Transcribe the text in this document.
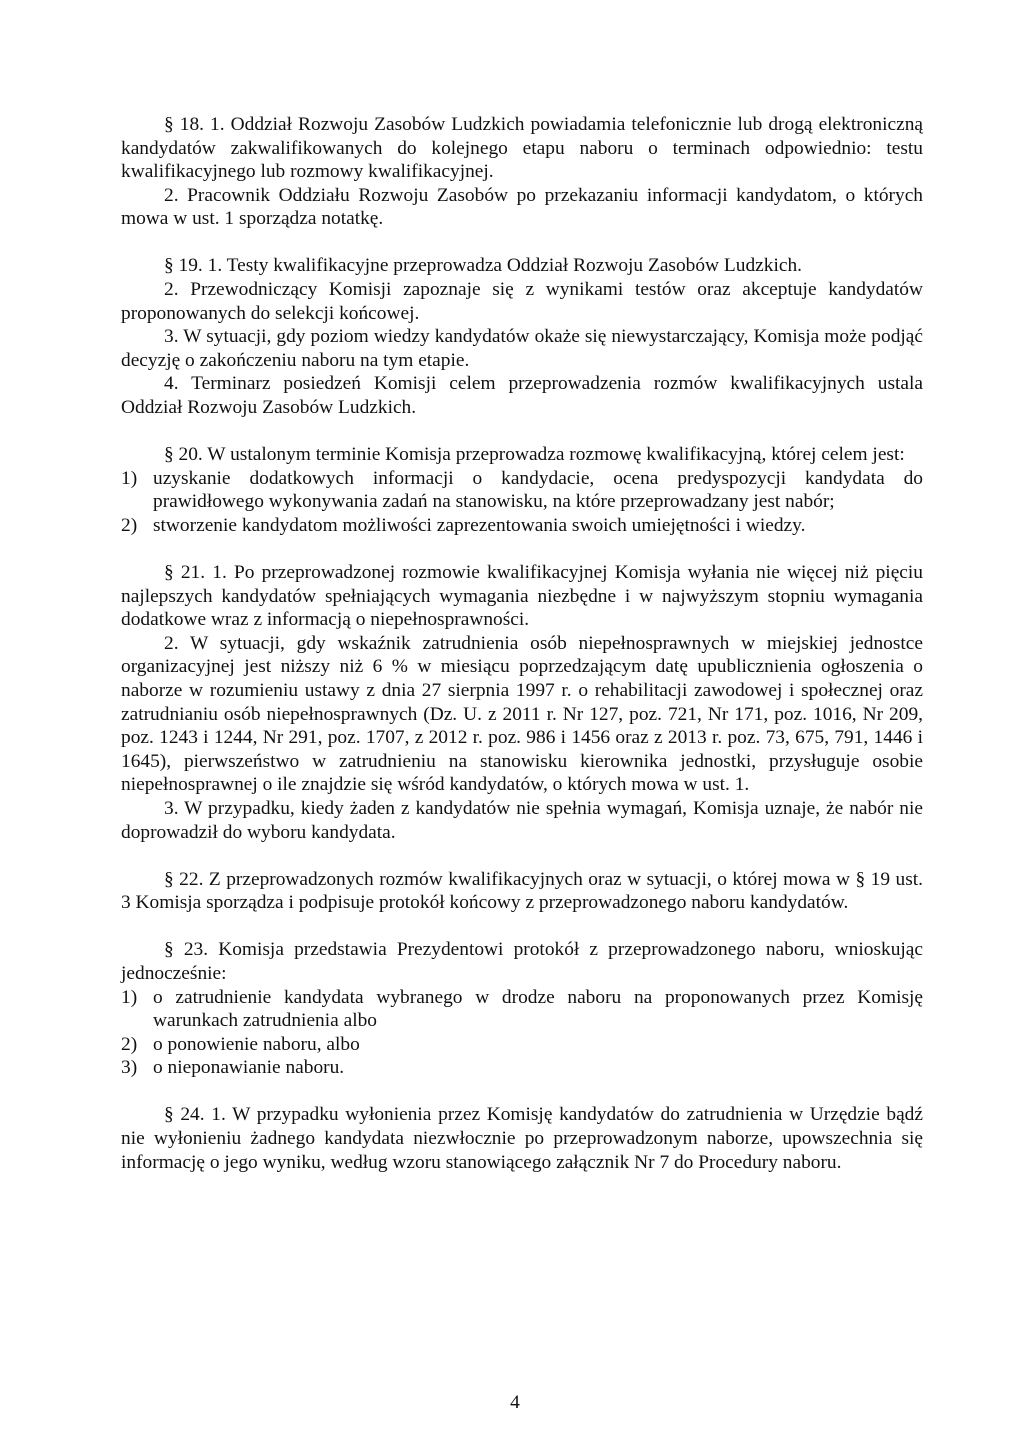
§ 18. 1. Oddział Rozwoju Zasobów Ludzkich powiadamia telefonicznie lub drogą elektroniczną kandydatów zakwalifikowanych do kolejnego etapu naboru o terminach odpowiednio: testu kwalifikacyjnego lub rozmowy kwalifikacyjnej.

2. Pracownik Oddziału Rozwoju Zasobów po przekazaniu informacji kandydatom, o których mowa w ust. 1 sporządza notatkę.

§ 19. 1. Testy kwalifikacyjne przeprowadza Oddział Rozwoju Zasobów Ludzkich.

2. Przewodniczący Komisji zapoznaje się z wynikami testów oraz akceptuje kandydatów proponowanych do selekcji końcowej.

3. W sytuacji, gdy poziom wiedzy kandydatów okaże się niewystarczający, Komisja może podjąć decyzję o zakończeniu naboru na tym etapie.

4. Terminarz posiedzeń Komisji celem przeprowadzenia rozmów kwalifikacyjnych ustala Oddział Rozwoju Zasobów Ludzkich.

§ 20. W ustalonym terminie Komisja przeprowadza rozmowę kwalifikacyjną, której celem jest:

1) uzyskanie dodatkowych informacji o kandydacie, ocena predyspozycji kandydata do prawidłowego wykonywania zadań na stanowisku, na które przeprowadzany jest nabór;
2) stworzenie kandydatom możliwości zaprezentowania swoich umiejętności i wiedzy.

§ 21. 1. Po przeprowadzonej rozmowie kwalifikacyjnej Komisja wyłania nie więcej niż pięciu najlepszych kandydatów spełniających wymagania niezbędne i w najwyższym stopniu wymagania dodatkowe wraz z informacją o niepełnosprawności.

2. W sytuacji, gdy wskaźnik zatrudnienia osób niepełnosprawnych w miejskiej jednostce organizacyjnej jest niższy niż 6 % w miesiącu poprzedzającym datę upublicznienia ogłoszenia o naborze w rozumieniu ustawy z dnia 27 sierpnia 1997 r. o rehabilitacji zawodowej i społecznej oraz zatrudnianiu osób niepełnosprawnych (Dz. U. z 2011 r. Nr 127, poz. 721, Nr 171, poz. 1016, Nr 209, poz. 1243 i 1244, Nr 291, poz. 1707, z 2012 r. poz. 986 i 1456 oraz z 2013 r. poz. 73, 675, 791, 1446 i 1645), pierwszeństwo w zatrudnieniu na stanowisku kierownika jednostki, przysługuje osobie niepełnosprawnej o ile znajdzie się wśród kandydatów, o których mowa w ust. 1.

3. W przypadku, kiedy żaden z kandydatów nie spełnia wymagań, Komisja uznaje, że nabór nie doprowadził do wyboru kandydata.

§ 22. Z przeprowadzonych rozmów kwalifikacyjnych oraz w sytuacji, o której mowa w § 19 ust. 3 Komisja sporządza i podpisuje protokół końcowy z przeprowadzonego naboru kandydatów.

§ 23. Komisja przedstawia Prezydentowi protokół z przeprowadzonego naboru, wnioskując jednocześnie:

1) o zatrudnienie kandydata wybranego w drodze naboru na proponowanych przez Komisję warunkach zatrudnienia albo
2) o ponowienie naboru, albo
3) o nieponawianie naboru.

§ 24. 1. W przypadku wyłonienia przez Komisję kandydatów do zatrudnienia w Urzędzie bądź nie wyłonieniu żadnego kandydata niezwłocznie po przeprowadzonym naborze, upowszechnia się informację o jego wyniku, według wzoru stanowiącego załącznik Nr 7 do Procedury naboru.

4
